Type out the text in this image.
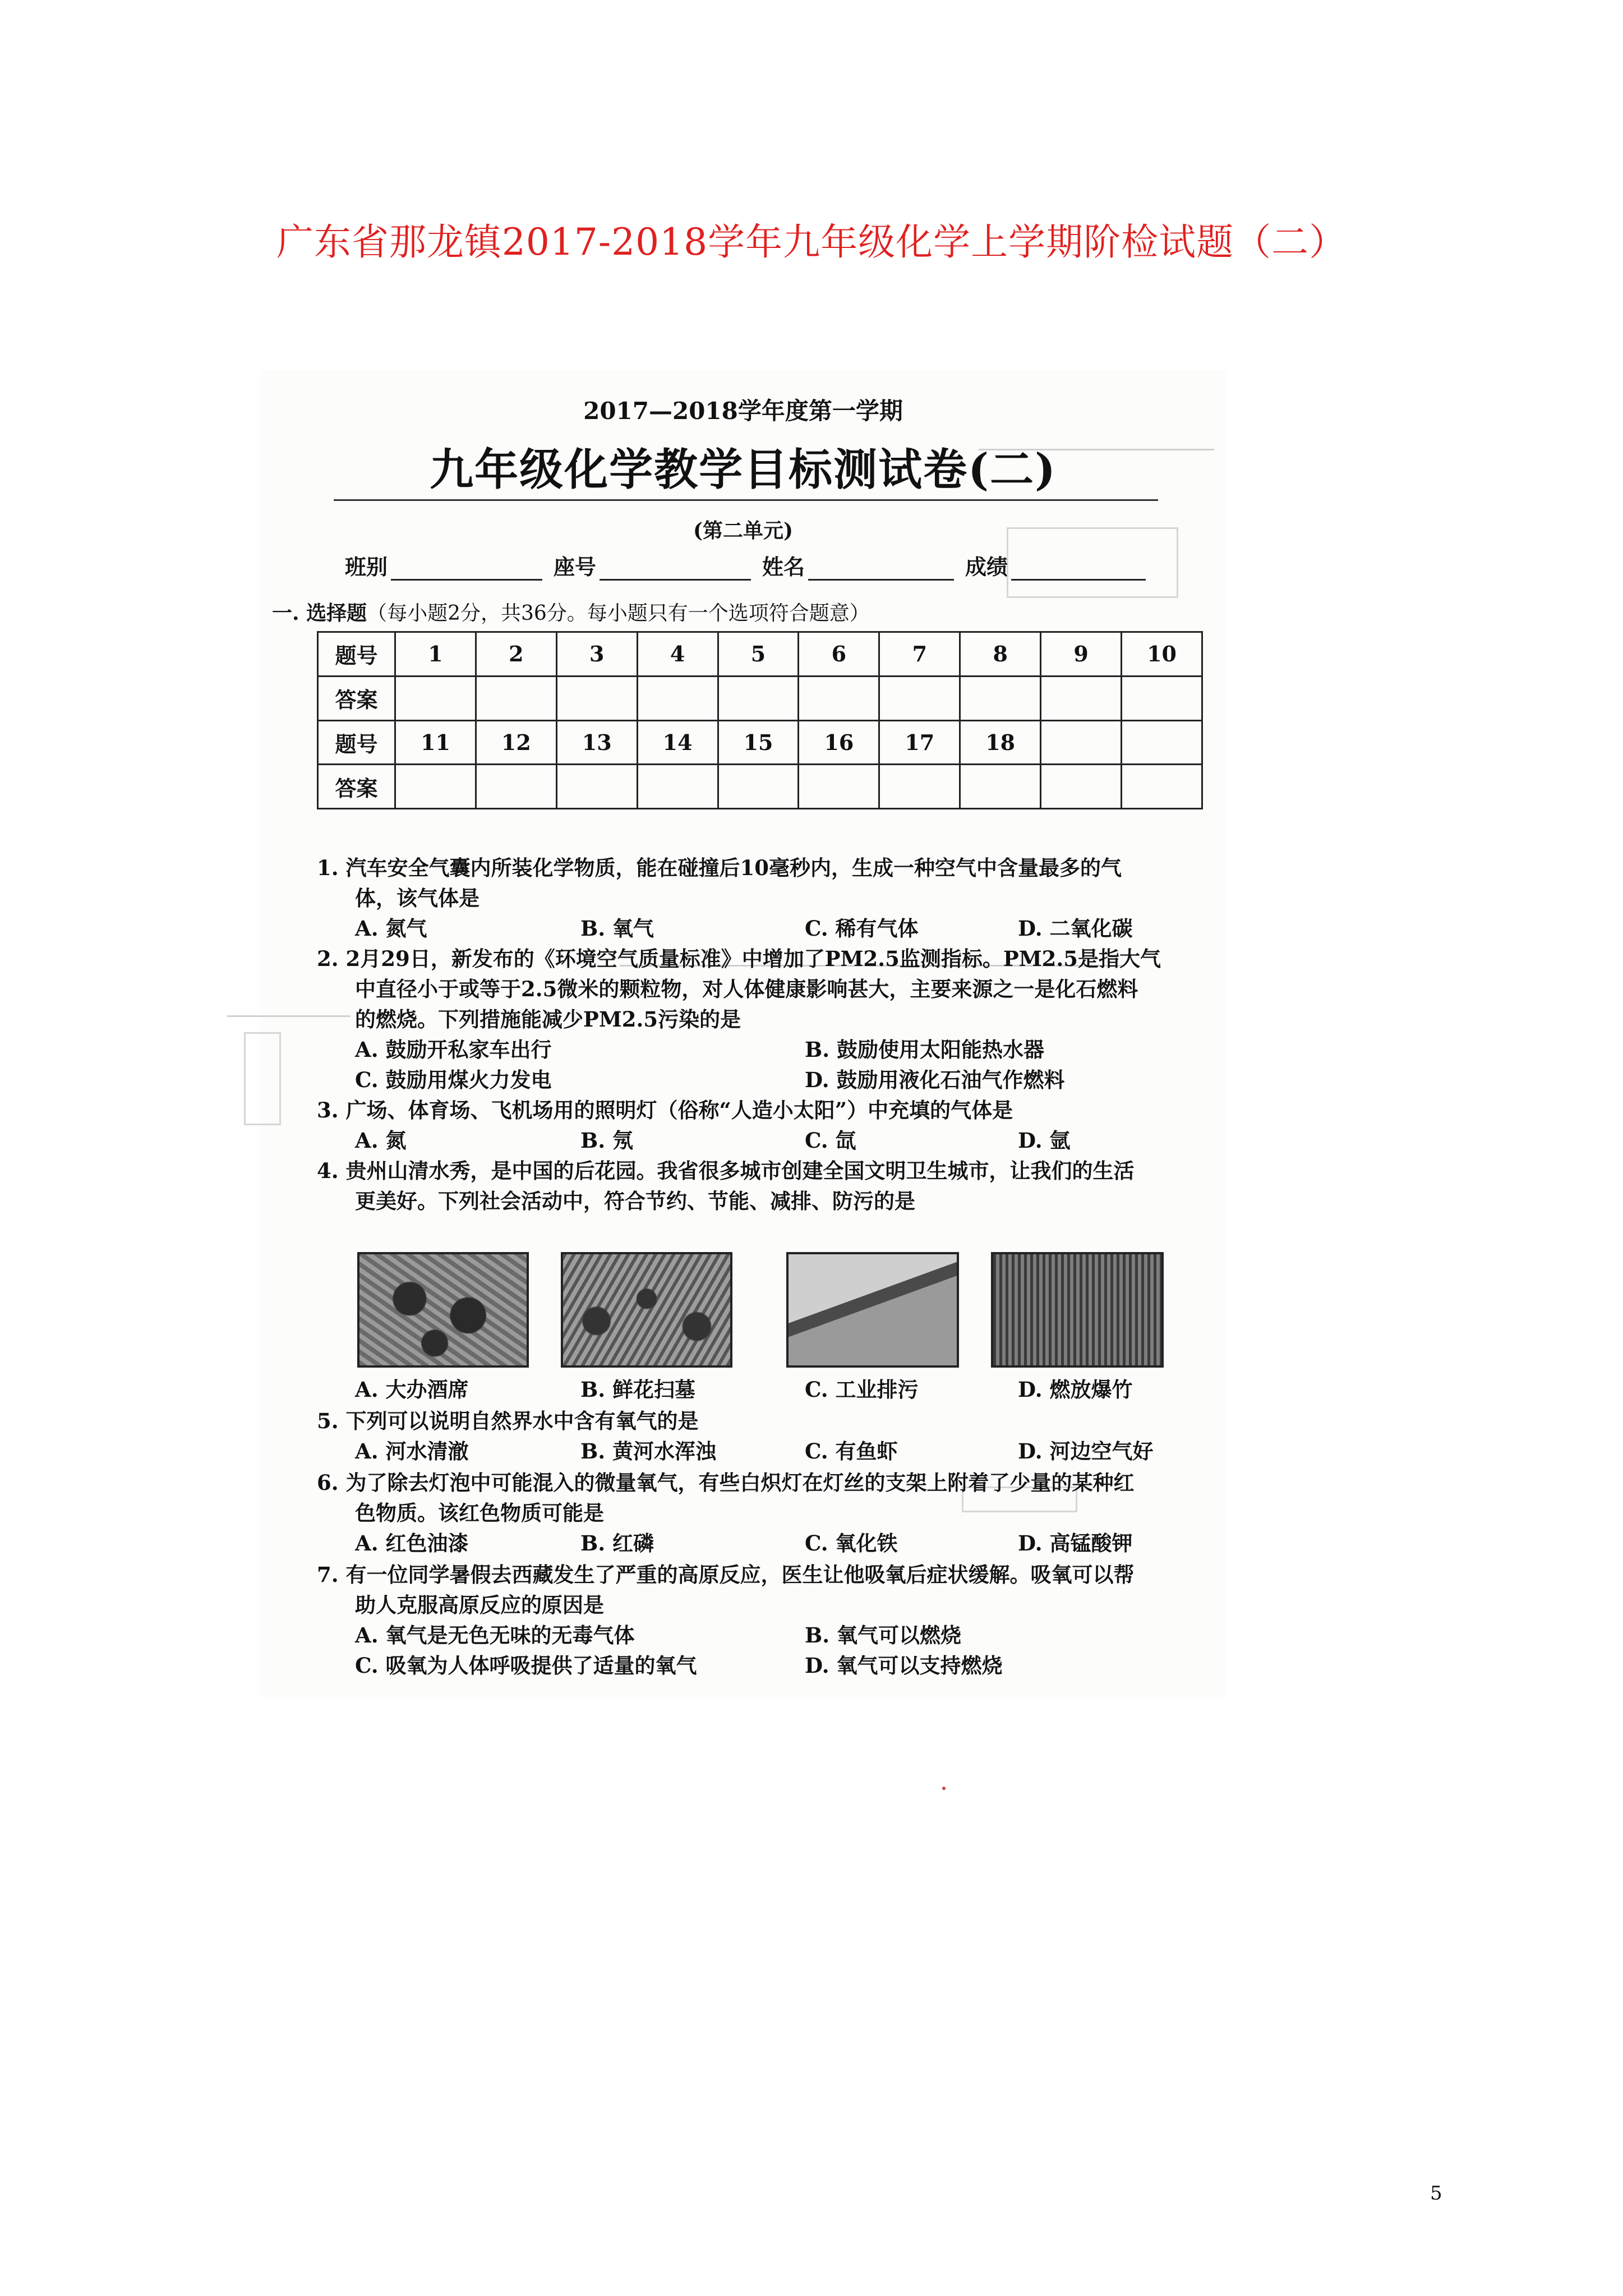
广东省那龙镇2017-2018学年九年级化学上学期阶检试题（二）
2017—2018学年度第一学期
九年级化学教学目标测试卷(二)
(第二单元)
班别	座号	姓名	成绩
一. 选择题（每小题2分，共36分。每小题只有一个选项符合题意）
题号	1	2	3	4	5	6	7	8	9	10
答案										
题号	11	12	13	14	15	16	17	18		
答案										
1. 汽车安全气囊内所装化学物质，能在碰撞后10毫秒内，生成一种空气中含量最多的气
体，该气体是
A. 氮气	B. 氧气	C. 稀有气体	D. 二氧化碳
2. 2月29日，新发布的《环境空气质量标准》中增加了PM2.5监测指标。PM2.5是指大气
中直径小于或等于2.5微米的颗粒物，对人体健康影响甚大，主要来源之一是化石燃料
的燃烧。下列措施能减少PM2.5污染的是
A. 鼓励开私家车出行	B. 鼓励使用太阳能热水器
C. 鼓励用煤火力发电	D. 鼓励用液化石油气作燃料
3. 广场、体育场、飞机场用的照明灯（俗称“人造小太阳”）中充填的气体是
A. 氮	B. 氖	C. 氙	D. 氩
4. 贵州山清水秀，是中国的后花园。我省很多城市创建全国文明卫生城市，让我们的生活
更美好。下列社会活动中，符合节约、节能、减排、防污的是
A. 大办酒席	B. 鲜花扫墓	C. 工业排污	D. 燃放爆竹
5. 下列可以说明自然界水中含有氧气的是
A. 河水清澈	B. 黄河水浑浊	C. 有鱼虾	D. 河边空气好
6. 为了除去灯泡中可能混入的微量氧气，有些白炽灯在灯丝的支架上附着了少量的某种红
色物质。该红色物质可能是
A. 红色油漆	B. 红磷	C. 氧化铁	D. 高锰酸钾
7. 有一位同学暑假去西藏发生了严重的高原反应，医生让他吸氧后症状缓解。吸氧可以帮
助人克服高原反应的原因是
A. 氧气是无色无味的无毒气体	B. 氧气可以燃烧
C. 吸氧为人体呼吸提供了适量的氧气	D. 氧气可以支持燃烧
5
